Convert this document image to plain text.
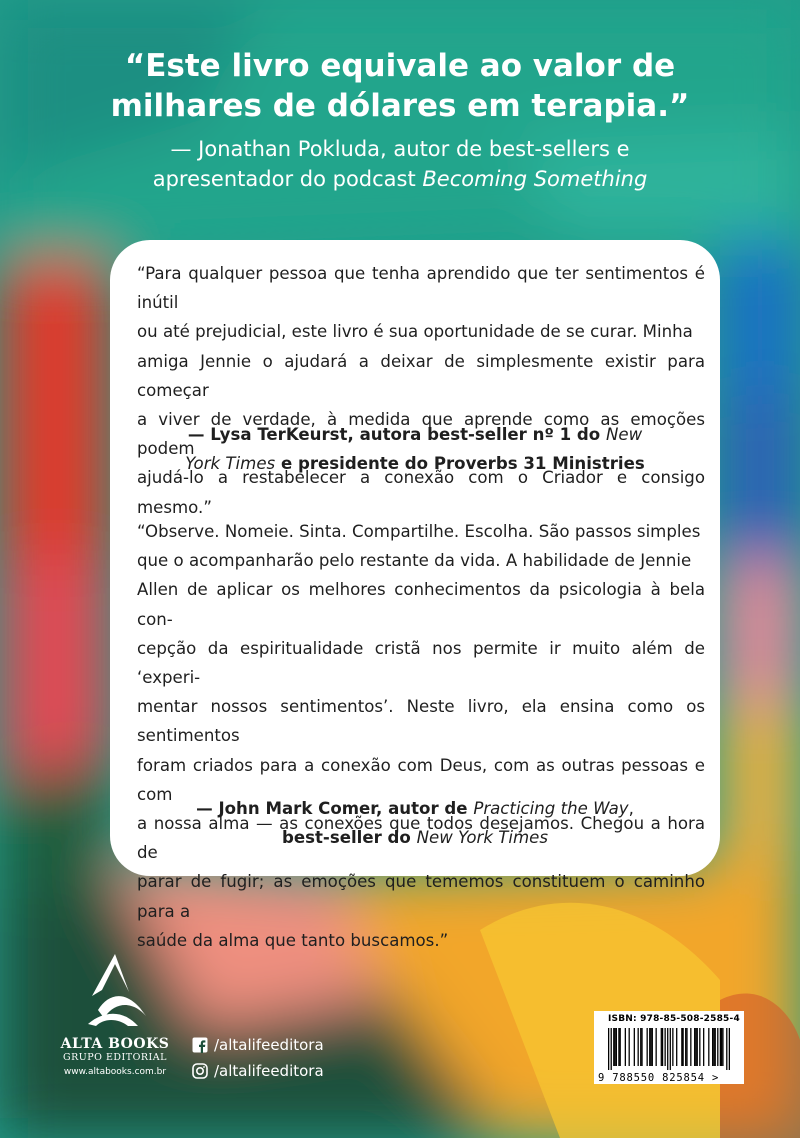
“Este livro equivale ao valor de
milhares de dólares em terapia.”
— Jonathan Pokluda, autor de best-sellers e
apresentador do podcast Becoming Something
“Para qualquer pessoa que tenha aprendido que ter sentimentos é inútil
ou até prejudicial, este livro é sua oportunidade de se curar. Minha
amiga Jennie o ajudará a deixar de simplesmente existir para começar
a viver de verdade, à medida que aprende como as emoções podem
ajudá-lo a restabelecer a conexão com o Criador e consigo mesmo.”
— Lysa TerKeurst, autora best-seller nº 1 do New
York Times e presidente do Proverbs 31 Ministries
“Observe. Nomeie. Sinta. Compartilhe. Escolha. São passos simples
que o acompanharão pelo restante da vida. A habilidade de Jennie
Allen de aplicar os melhores conhecimentos da psicologia à bela con-
cepção da espiritualidade cristã nos permite ir muito além de ‘experi-
mentar nossos sentimentos’. Neste livro, ela ensina como os sentimentos
foram criados para a conexão com Deus, com as outras pessoas e com
a nossa alma — as conexões que todos desejamos. Chegou a hora de
parar de fugir; as emoções que tememos constituem o caminho para a
saúde da alma que tanto buscamos.”
— John Mark Comer, autor de Practicing the Way,
best-seller do New York Times
ALTA BOOKS
GRUPO EDITORIAL
www.altabooks.com.br
/altalifeeditora
/altalifeeditora
ISBN: 978-85-508-2585-4
9 788550 825854 >
